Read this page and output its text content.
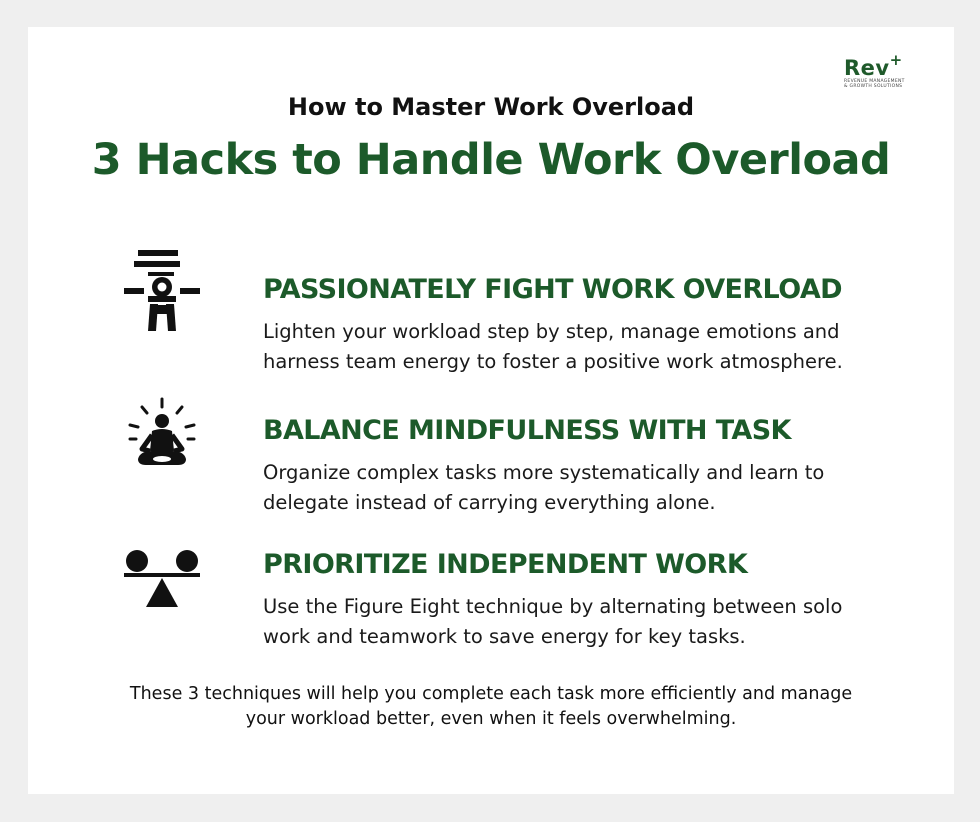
Rev+
REVENUE MANAGEMENT
& GROWTH SOLUTIONS
How to Master Work Overload
3 Hacks to Handle Work Overload
PASSIONATELY FIGHT WORK OVERLOAD

Lighten your workload step by step, manage emotions and harness team energy to foster a positive work atmosphere.

BALANCE MINDFULNESS WITH TASK

Organize complex tasks more systematically and learn to delegate instead of carrying everything alone.

PRIORITIZE INDEPENDENT WORK

Use the Figure Eight technique by alternating between solo work and teamwork to save energy for key tasks.

These 3 techniques will help you complete each task more efficiently and manage your workload better, even when it feels overwhelming.
